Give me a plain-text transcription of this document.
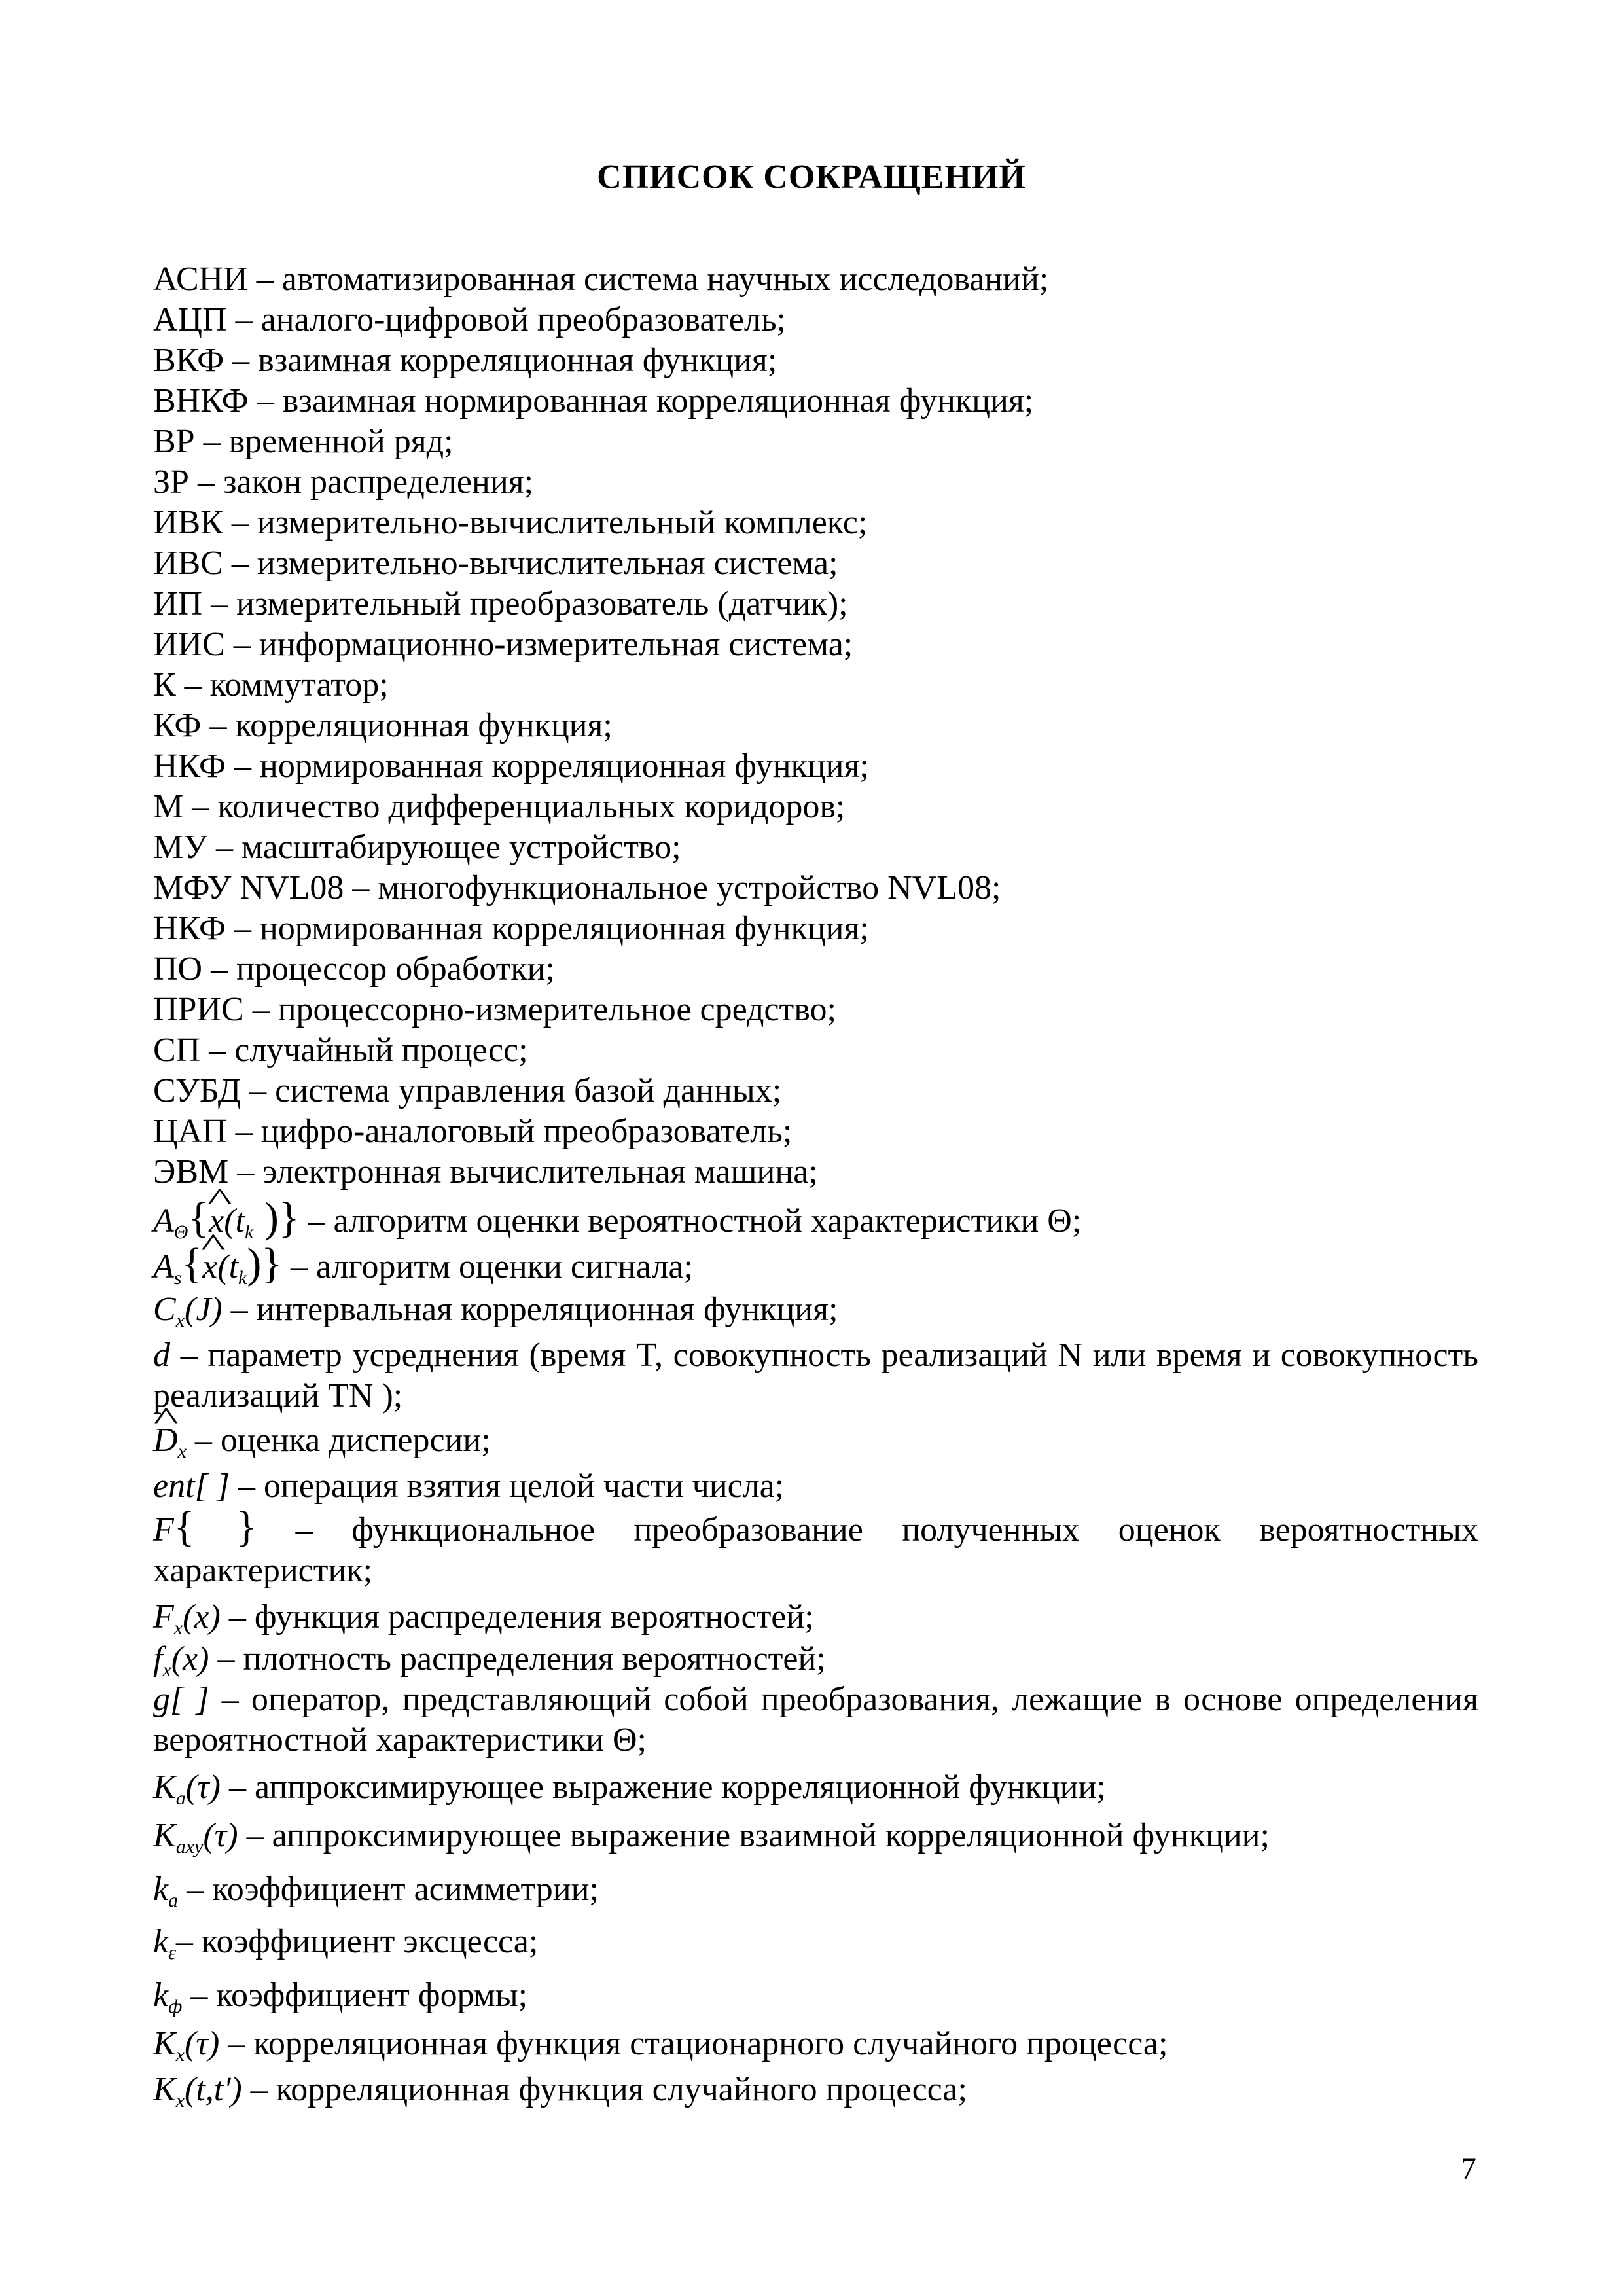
СПИСОК СОКРАЩЕНИЙ
АСНИ – автоматизированная система научных исследований;
АЦП – аналого-цифровой преобразователь;
ВКФ – взаимная корреляционная функция;
ВНКФ – взаимная нормированная корреляционная функция;
ВР – временной ряд;
ЗР – закон распределения;
ИВК – измерительно-вычислительный комплекс;
ИВС – измерительно-вычислительная система;
ИП – измерительный преобразователь (датчик);
ИИС – информационно-измерительная система;
К – коммутатор;
КФ – корреляционная функция;
НКФ – нормированная корреляционная функция;
М – количество дифференциальных коридоров;
МУ – масштабирующее устройство;
МФУ NVL08 – многофункциональное устройство NVL08;
НКФ – нормированная корреляционная функция;
ПО – процессор обработки;
ПРИС – процессорно-измерительное средство;
СП – случайный процесс;
СУБД – система управления базой данных;
ЦАП – цифро-аналоговый преобразователь;
ЭВМ – электронная вычислительная машина;
$A_\Theta\{\^{}$ $x(t_k$ )} – алгоритм оценки вероятностной характеристики Θ;
$A_s\{\^{}$ $x(t_k)$} – алгоритм оценки сигнала;
$C_x(J)$ – интервальная корреляционная функция;
d – параметр усреднения (время T, совокупность реализаций N или время и совокупность реализаций TN );
^ $D_x$ – оценка дисперсии;
ent[ ] – операция взятия целой части числа;
F{ } – функциональное преобразование полученных оценок вероятностных характеристик;
$F_x(x)$ – функция распределения вероятностей;
$f_x(x)$ – плотность распределения вероятностей;
g[ ] – оператор, представляющий собой преобразования, лежащие в основе определения вероятностной характеристики Θ;
$K_a(\tau)$ – аппроксимирующее выражение корреляционной функции;
$K_{axy}(\tau)$ – аппроксимирующее выражение взаимной корреляционной функции;
$k_a$ – коэффициент асимметрии;
$k_\varepsilon-$ коэффициент эксцесса;
$k_ф$ – коэффициент формы;
$K_x(\tau)$ – корреляционная функция стационарного случайного процесса;
$K_x(t,t')$ – корреляционная функция случайного процесса;
7
